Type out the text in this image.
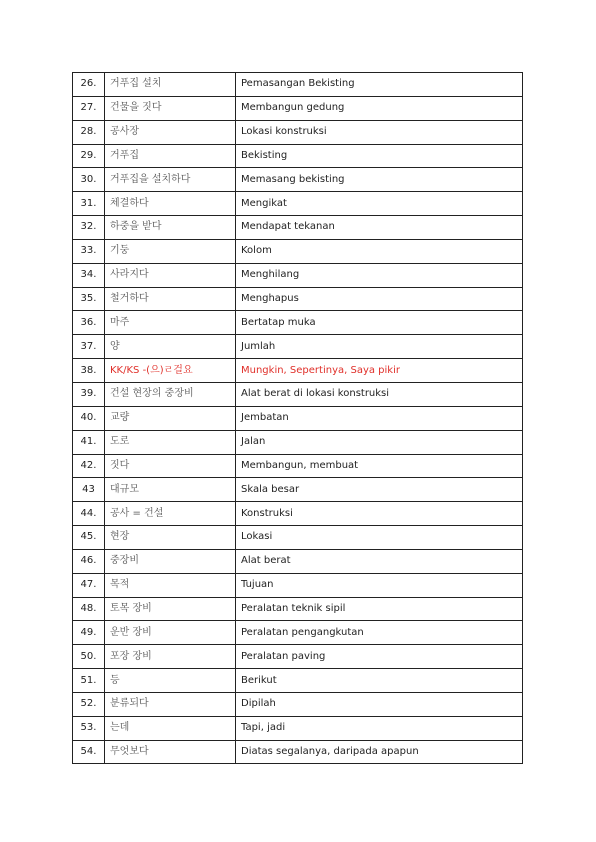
26.	거푸집 설치	Pemasangan Bekisting
27.	건물을 짓다	Membangun gedung
28.	공사장	Lokasi konstruksi
29.	거푸집	Bekisting
30.	거푸집을 설치하다	Memasang bekisting
31.	체결하다	Mengikat
32.	하중을 받다	Mendapat tekanan
33.	기둥	Kolom
34.	사라지다	Menghilang
35.	철거하다	Menghapus
36.	마주	Bertatap muka
37.	양	Jumlah
38.	KK/KS -(으)ㄹ걸요	Mungkin, Sepertinya, Saya pikir
39.	건설 현장의 중장비	Alat berat di lokasi konstruksi
40.	교량	Jembatan
41.	도로	Jalan
42.	짓다	Membangun, membuat
43	대규모	Skala besar
44.	공사 = 건설	Konstruksi
45.	현장	Lokasi
46.	중장비	Alat berat
47.	목적	Tujuan
48.	토목 장비	Peralatan teknik sipil
49.	운반 장비	Peralatan pengangkutan
50.	포장 장비	Peralatan paving
51.	등	Berikut
52.	분류되다	Dipilah
53.	는데	Tapi, jadi
54.	무엇보다	Diatas segalanya, daripada apapun
